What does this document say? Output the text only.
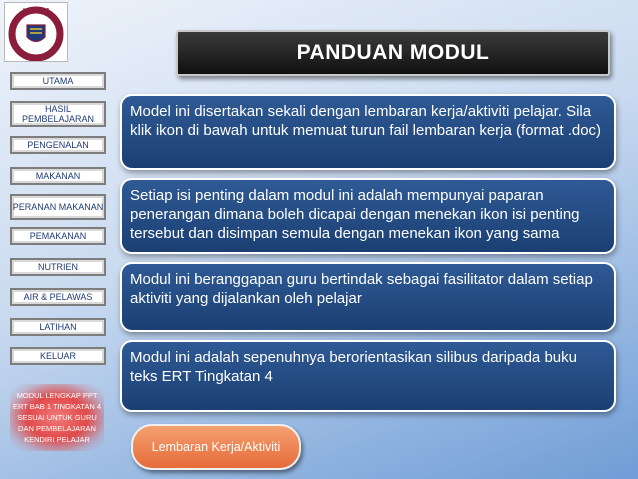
U T H M
PANDUAN MODUL
UTAMA
HASIL PEMBELAJARAN
PENGENALAN
MAKANAN
PERANAN MAKANAN
PEMAKANAN
NUTRIEN
AIR & PELAWAS
LATIHAN
KELUAR
Model ini disertakan sekali dengan lembaran kerja/aktiviti pelajar. Sila klik ikon di bawah untuk memuat turun fail lembaran kerja (format .doc)
Setiap isi penting dalam modul ini adalah mempunyai paparan penerangan dimana boleh dicapai dengan menekan ikon isi penting tersebut dan disimpan semula dengan menekan ikon yang sama
Modul ini beranggapan guru bertindak sebagai fasilitator dalam setiap aktiviti yang dijalankan oleh pelajar
Modul ini adalah sepenuhnya berorientasikan silibus daripada buku teks ERT Tingkatan 4
MODUL LENGKAP PPT ERT BAB 1 TINGKATAN 4 SESUAI UNTUK GURU DAN PEMBELAJARAN KENDIRI PELAJAR
Lembaran Kerja/Aktiviti
